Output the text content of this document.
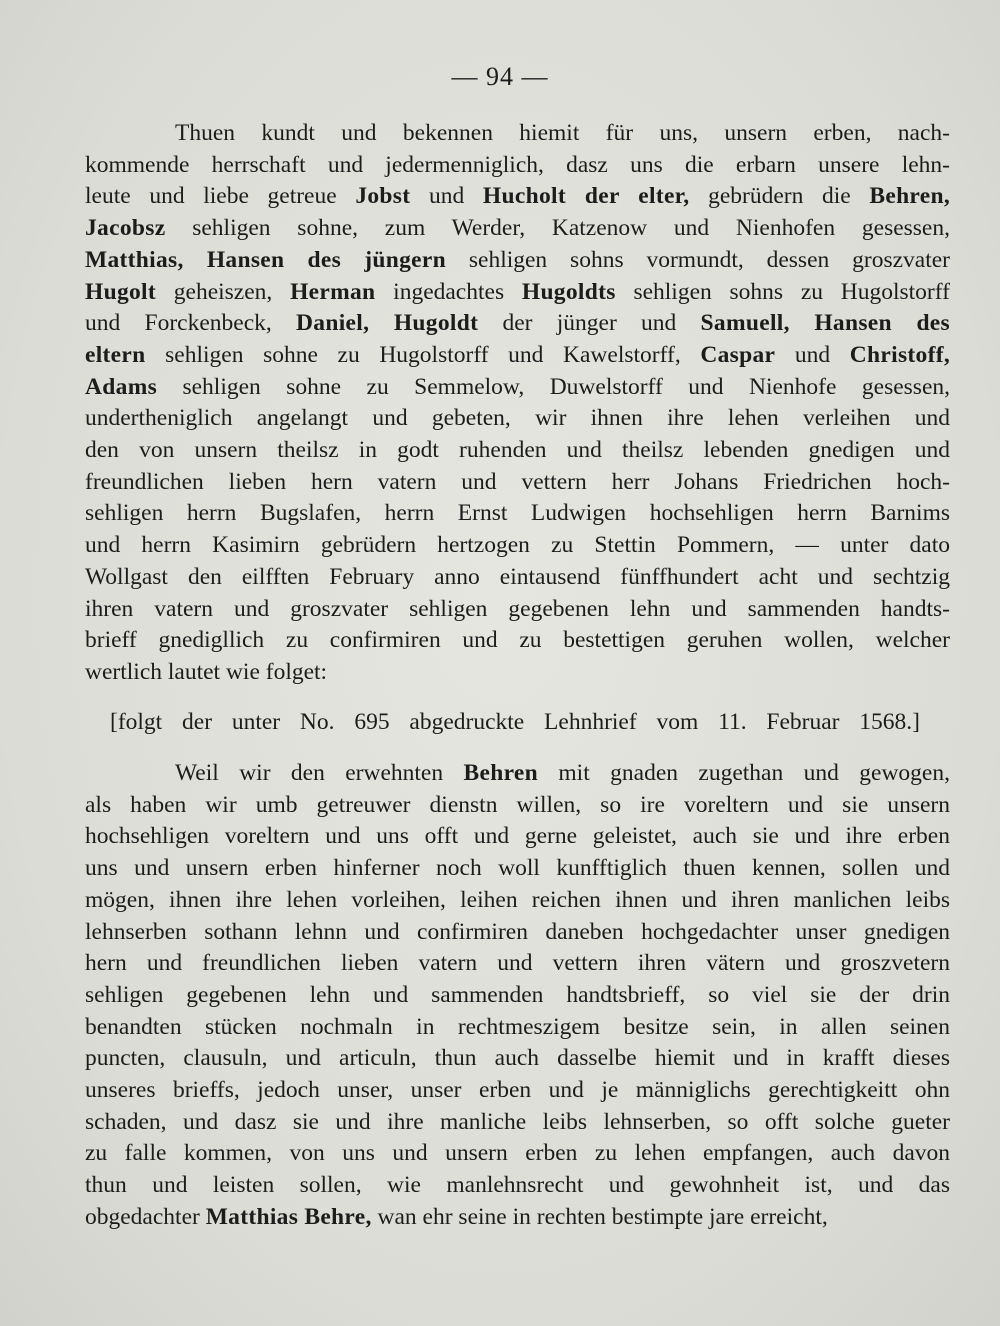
— 94 —
Thuen kundt und bekennen hiemit für uns, unsern erben, nach-
kommende herrschaft und jedermenniglich, dasz uns die erbarn unsere lehn-
leute und liebe getreue Jobst und Hucholt der elter, gebrüdern die Behren,
Jacobsz sehligen sohne, zum Werder, Katzenow und Nienhofen gesessen,
Matthias, Hansen des jüngern sehligen sohns vormundt, dessen groszvater
Hugolt geheiszen, Herman ingedachtes Hugoldts sehligen sohns zu Hugolstorff
und Forckenbeck, Daniel, Hugoldt der jünger und Samuell, Hansen des
eltern sehligen sohne zu Hugolstorff und Kawelstorff, Caspar und Christoff,
Adams sehligen sohne zu Semmelow, Duwelstorff und Nienhofe gesessen,
undertheniglich angelangt und gebeten, wir ihnen ihre lehen verleihen und
den von unsern theilsz in godt ruhenden und theilsz lebenden gnedigen und
freundlichen lieben hern vatern und vettern herr Johans Friedrichen hoch-
sehligen herrn Bugslafen, herrn Ernst Ludwigen hochsehligen herrn Barnims
und herrn Kasimirn gebrüdern hertzogen zu Stettin Pommern, — unter dato
Wollgast den eilfften February anno eintausend fünffhundert acht und sechtzig
ihren vatern und groszvater sehligen gegebenen lehn und sammenden handts-
brieff gnedigllich zu confirmiren und zu bestettigen geruhen wollen, welcher
wertlich lautet wie folget:
[folgt der unter No. 695 abgedruckte Lehnhrief vom 11. Februar 1568.]
Weil wir den erwehnten Behren mit gnaden zugethan und gewogen,
als haben wir umb getreuwer dienstn willen, so ire voreltern und sie unsern
hochsehligen voreltern und uns offt und gerne geleistet, auch sie und ihre erben
uns und unsern erben hinferner noch woll kunfftiglich thuen kennen, sollen und
mögen, ihnen ihre lehen vorleihen, leihen reichen ihnen und ihren manlichen leibs
lehnserben sothann lehnn und confirmiren daneben hochgedachter unser gnedigen
hern und freundlichen lieben vatern und vettern ihren vätern und groszvetern
sehligen gegebenen lehn und sammenden handtsbrieff, so viel sie der drin
benandten stücken nochmaln in rechtmeszigem besitze sein, in allen seinen
puncten, clausuln, und articuln, thun auch dasselbe hiemit und in krafft dieses
unseres brieffs, jedoch unser, unser erben und je männiglichs gerechtigkeitt ohn
schaden, und dasz sie und ihre manliche leibs lehnserben, so offt solche gueter
zu falle kommen, von uns und unsern erben zu lehen empfangen, auch davon
thun und leisten sollen, wie manlehnsrecht und gewohnheit ist, und das
obgedachter Matthias Behre, wan ehr seine in rechten bestimpte jare erreicht,
